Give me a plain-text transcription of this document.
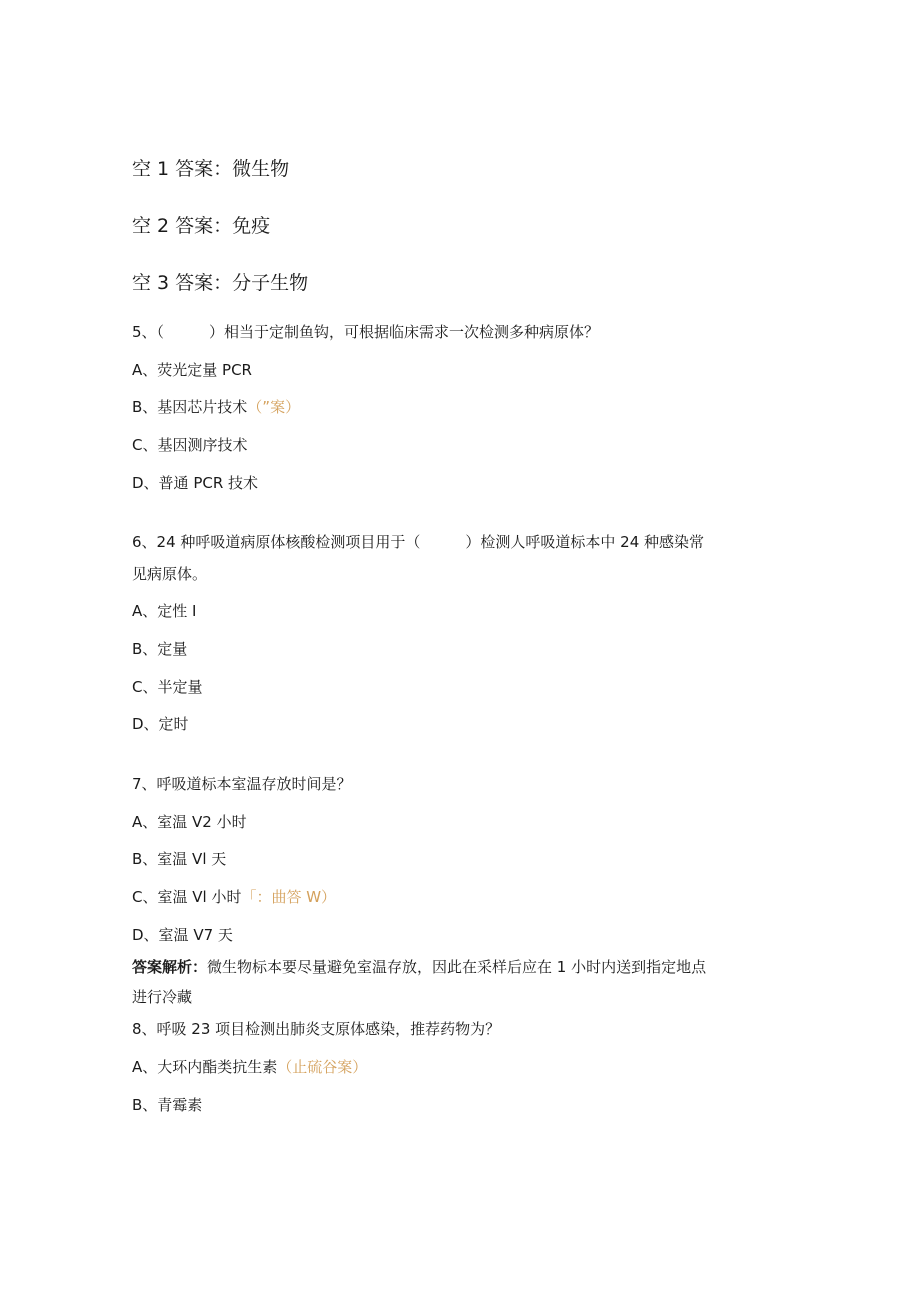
空 1 答案：微生物
空 2 答案：免疫
空 3 答案：分子生物
5、（　　　）相当于定制鱼钩，可根据临床需求一次检测多种病原体？
A、荧光定量 PCR
B、基因芯片技术（”案）
C、基因测序技术
D、普通 PCR 技术
6、24 种呼吸道病原体核酸检测项目用于（　　　）检测人呼吸道标本中 24 种感染常
见病原体。
A、定性 I
B、定量
C、半定量
D、定时
7、呼吸道标本室温存放时间是？
A、室温 V2 小时
B、室温 Vl 天
C、室温 Vl 小时「：曲答 W）
D、室温 V7 天
答案解析：微生物标本要尽量避免室温存放，因此在采样后应在 1 小时内送到指定地点
进行冷藏
8、呼吸 23 项目检测出肺炎支原体感染，推荐药物为？
A、大环内酯类抗生素（止硫谷案）
B、青霉素
